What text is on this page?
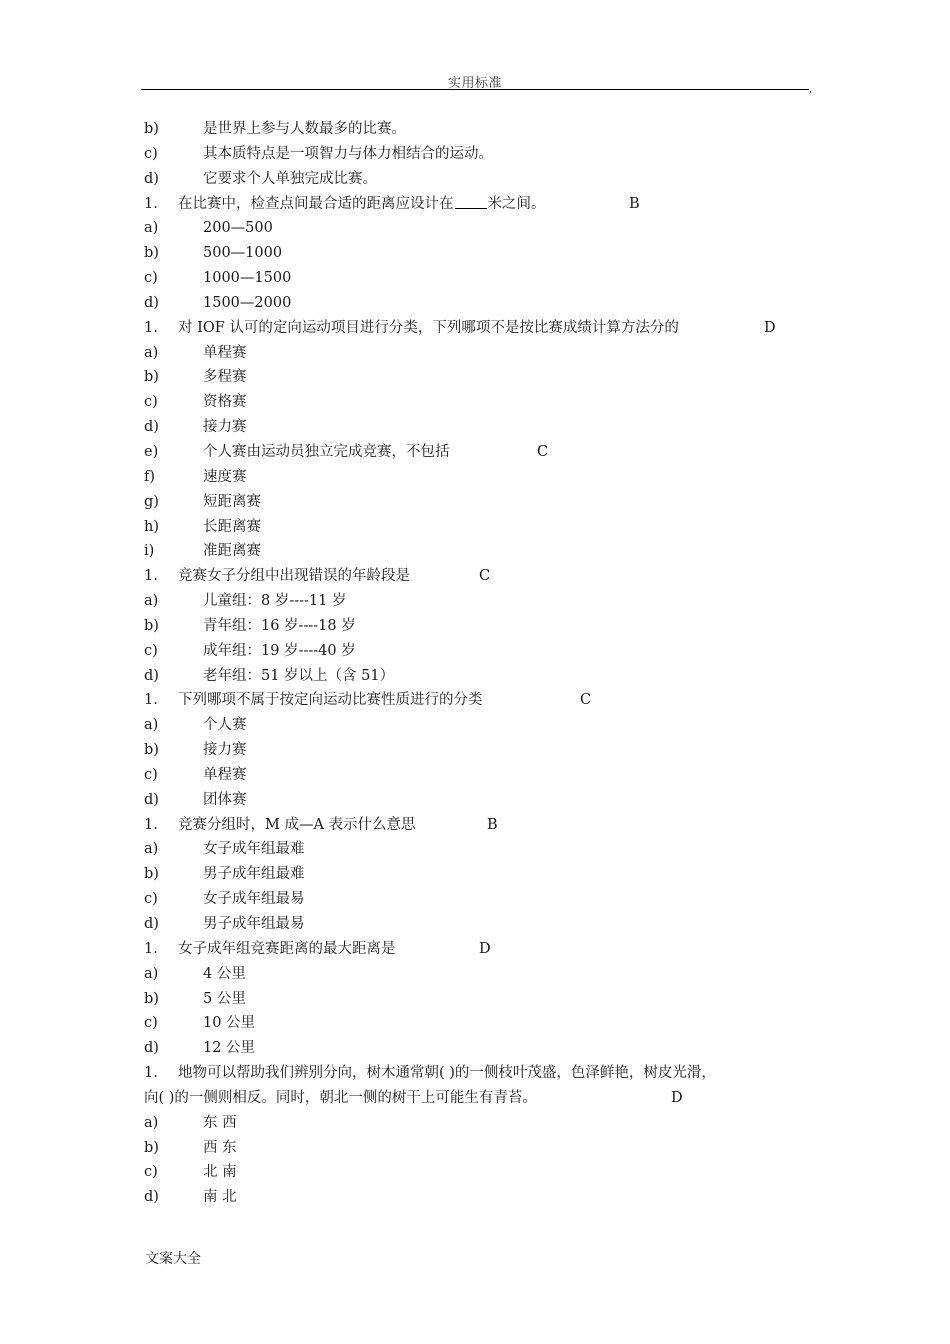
实用标准	,
b)	是世界上参与人数最多的比赛。
c)	其本质特点是一项智力与体力相结合的运动。
d)	它要求个人单独完成比赛。
1. 在比赛中，检查点间最合适的距离应设计在 米之间。	B
a)	200—500
b)	500—1000
c)	1000—1500
d)	1500—2000
1. 对 IOF 认可的定向运动项目进行分类，下列哪项不是按比赛成绩计算方法分的	D
a)	单程赛
b)	多程赛
c)	资格赛
d)	接力赛
e)	个人赛由运动员独立完成竞赛，不包括	C
f)	速度赛
g)	短距离赛
h)	长距离赛
i)	准距离赛
1. 竞赛女子分组中出现错误的年龄段是	C
a)	儿童组：8 岁----11 岁
b)	青年组：16 岁----18 岁
c)	成年组：19 岁----40 岁
d)	老年组：51 岁以上（含 51）
1. 下列哪项不属于按定向运动比赛性质进行的分类	C
a)	个人赛
b)	接力赛
c)	单程赛
d)	团体赛
1. 竞赛分组时，M 成—A 表示什么意思	B
a)	女子成年组最难
b)	男子成年组最难
c)	女子成年组最易
d)	男子成年组最易
1. 女子成年组竞赛距离的最大距离是	D
a)	4 公里
b)	5 公里
c)	10 公里
d)	12 公里
1. 地物可以帮助我们辨别分向，树木通常朝( )的一侧枝叶茂盛，色泽鲜艳，树皮光滑，
向( )的一侧则相反。同时，朝北一侧的树干上可能生有青苔。	D
a)	东 西
b)	西 东
c)	北 南
d)	南 北
文案大全
